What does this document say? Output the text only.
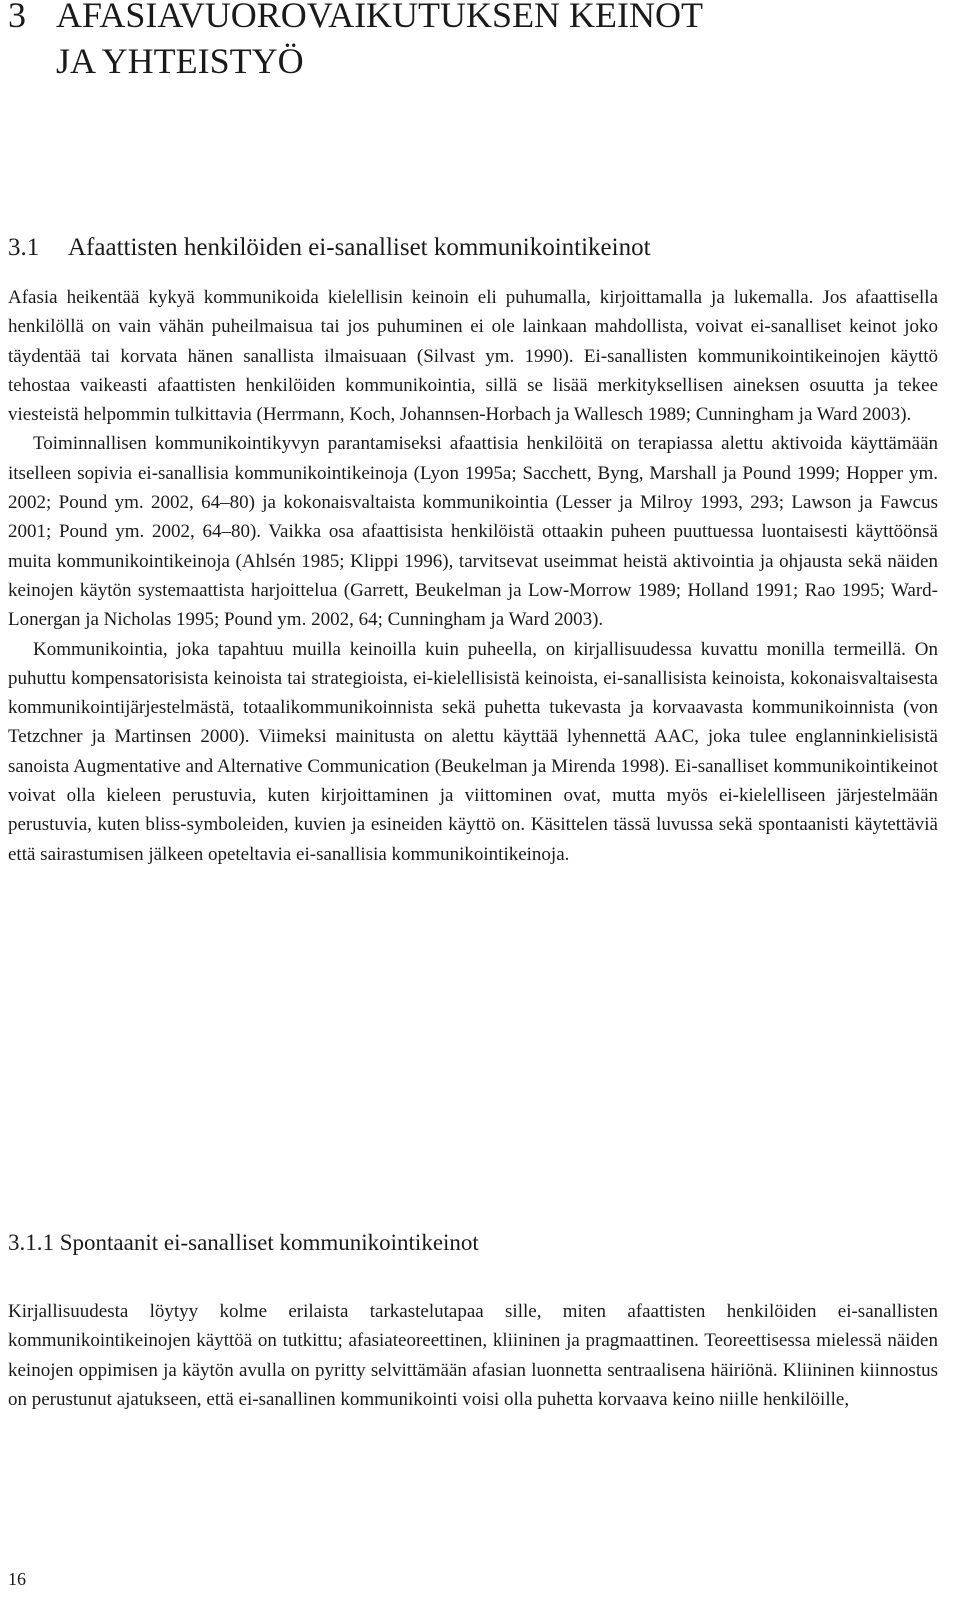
3 AFASIAVUOROVAIKUTUKSEN KEINOT
JA YHTEISTYÖ
3.1 Afaattisten henkilöiden ei-sanalliset kommunikointikeinot

Afasia heikentää kykyä kommunikoida kielellisin keinoin eli puhumalla, kirjoittamalla ja lukemalla. Jos afaattisella henkilöllä on vain vähän puheilmaisua tai jos puhuminen ei ole lainkaan mahdollista, voivat ei-sanalliset keinot joko täydentää tai korvata hänen sanallista ilmaisuaan (Silvast ym. 1990). Ei-sanallisten kommunikointikeinojen käyttö tehostaa vaikeasti afaattisten henkilöiden kommunikointia, sillä se lisää merkityksellisen aineksen osuutta ja tekee viesteistä helpommin tulkittavia (Herrmann, Koch, Johannsen-Horbach ja Wallesch 1989; Cunningham ja Ward 2003).

Toiminnallisen kommunikointikyvyn parantamiseksi afaattisia henkilöitä on terapiassa alettu aktivoida käyttämään itselleen sopivia ei-sanallisia kommunikointikeinoja (Lyon 1995a; Sacchett, Byng, Marshall ja Pound 1999; Hopper ym. 2002; Pound ym. 2002, 64–80) ja kokonaisvaltaista kommunikointia (Lesser ja Milroy 1993, 293; Lawson ja Fawcus 2001; Pound ym. 2002, 64–80). Vaikka osa afaattisista henkilöistä ottaakin puheen puuttuessa luontaisesti käyttöönsä muita kommunikointikeinoja (Ahlsén 1985; Klippi 1996), tarvitsevat useimmat heistä aktivointia ja ohjausta sekä näiden keinojen käytön systemaattista harjoittelua (Garrett, Beukelman ja Low-Morrow 1989; Holland 1991; Rao 1995; Ward-Lonergan ja Nicholas 1995; Pound ym. 2002, 64; Cunningham ja Ward 2003).

Kommunikointia, joka tapahtuu muilla keinoilla kuin puheella, on kirjallisuudessa kuvattu monilla termeillä. On puhuttu kompensatorisista keinoista tai strategioista, ei-kielellisistä keinoista, ei-sanallisista keinoista, kokonaisvaltaisesta kommunikointijärjestelmästä, totaalikommunikoinnista sekä puhetta tukevasta ja korvaavasta kommunikoinnista (von Tetzchner ja Martinsen 2000). Viimeksi mainitusta on alettu käyttää lyhennettä AAC, joka tulee englanninkielisistä sanoista Augmentative and Alternative Communication (Beukelman ja Mirenda 1998). Ei-sanalliset kommunikointikeinot voivat olla kieleen perustuvia, kuten kirjoittaminen ja viittominen ovat, mutta myös ei-kielelliseen järjestelmään perustuvia, kuten bliss-symboleiden, kuvien ja esineiden käyttö on. Käsittelen tässä luvussa sekä spontaanisti käytettäviä että sairastumisen jälkeen opeteltavia ei-sanallisia kommunikointikeinoja.

3.1.1 Spontaanit ei-sanalliset kommunikointikeinot

Kirjallisuudesta löytyy kolme erilaista tarkastelutapaa sille, miten afaattisten henkilöiden ei-sanallisten kommunikointikeinojen käyttöä on tutkittu; afasiateoreettinen, kliininen ja pragmaattinen. Teoreettisessa mielessä näiden keinojen oppimisen ja käytön avulla on pyritty selvittämään afasian luonnetta sentraalisena häiriönä. Kliininen kiinnostus on perustunut ajatukseen, että ei-sanallinen kommunikointi voisi olla puhetta korvaava keino niille henkilöille,

16
